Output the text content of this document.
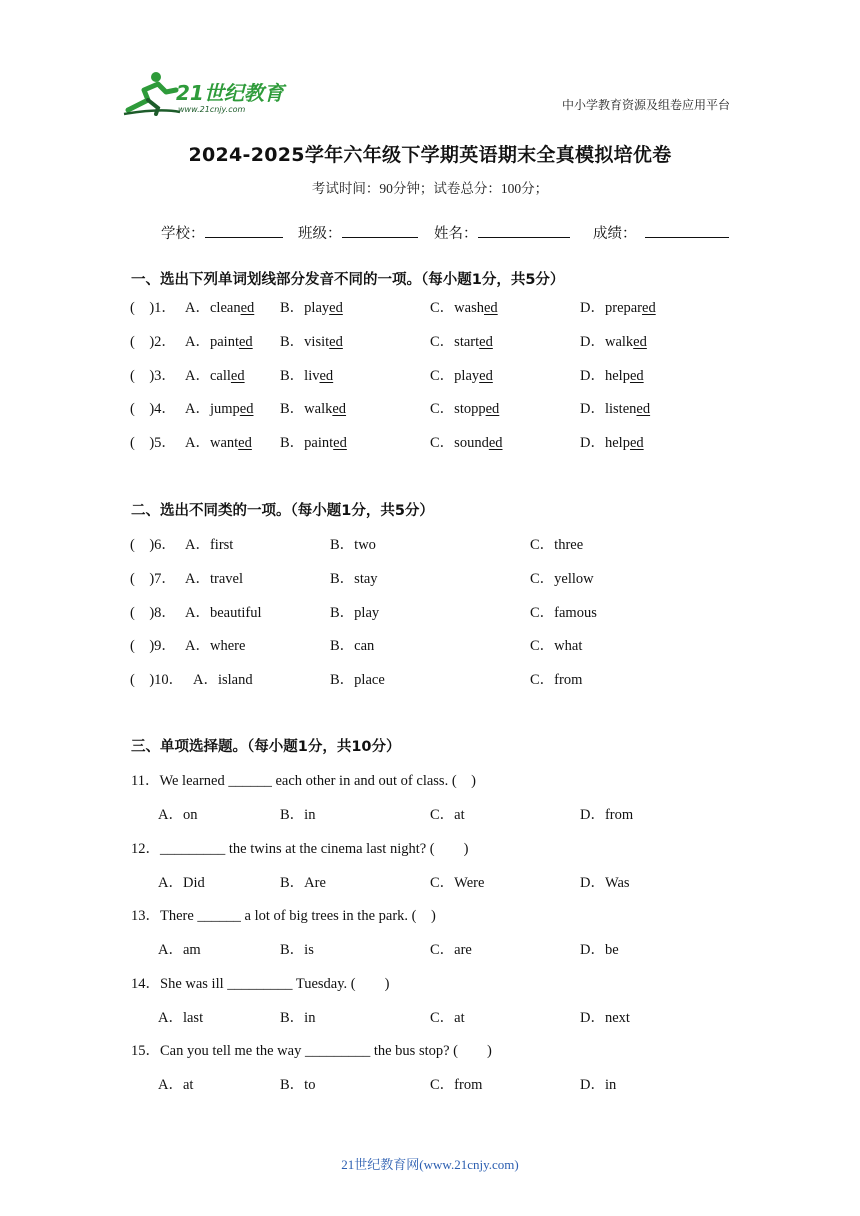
21世纪教育
www.21cnjy.com	中小学教育资源及组卷应用平台
2024-2025学年六年级下学期英语期末全真模拟培优卷
考试时间：90分钟；试卷总分：100分；
学校：	班级：	姓名：	成绩：
一、选出下列单词划线部分发音不同的一项。（每小题1分，共5分）
(　)1． A．cleaned B．played	C．washed	D．prepared
(　)2． A．painted B．visited	C．started	D．walked
(　)3． A．called B．lived	C．played	D．helped
(　)4． A．jumped B．walked	C．stopped	D．listened
(　)5． A．wanted B．painted	C．sounded	D．helped
二、选出不同类的一项。（每小题1分，共5分）
(　)6． A．first	B．two	C．three
(　)7． A．travel	B．stay	C．yellow
(　)8． A．beautiful	B．play	C．famous
(　)9． A．where	B．can	C．what
(　)10． A．island	B．place	C．from
三、单项选择题。（每小题1分，共10分）
11．We learned ______ each other in and out of class. (　)
A．on	B．in	C．at	D．from
12．_________ the twins at the cinema last night? (　　)
A．Did	B．Are	C．Were	D．Was
13．There ______ a lot of big trees in the park. (　)
A．am	B．is	C．are	D．be
14．She was ill _________ Tuesday. (　　)
A．last	B．in	C．at	D．next
15．Can you tell me the way _________ the bus stop? (　　)
A．at	B．to	C．from	D．in
21世纪教育网(www.21cnjy.com)
